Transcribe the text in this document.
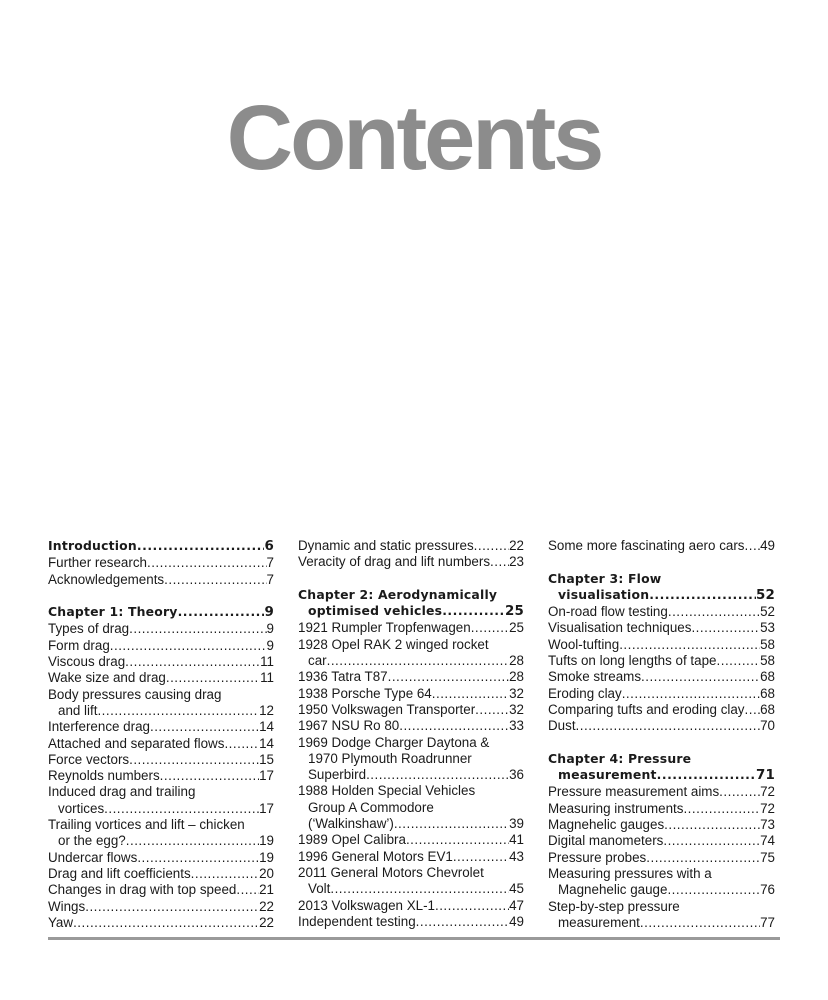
Contents
Introduction .....	6
Further research .....	7
Acknowledgements .....	7
Chapter 1: Theory .....	9
Types of drag .....	9
Form drag .....	9
Viscous drag .....	11
Wake size and drag .....	11
Body pressures causing drag
and lift .....	12
Interference drag .....	14
Attached and separated flows .....	14
Force vectors .....	15
Reynolds numbers .....	17
Induced drag and trailing
vortices .....	17
Trailing vortices and lift – chicken
or the egg? .....	19
Undercar flows .....	19
Drag and lift coefficients .....	20
Changes in drag with top speed ..... 21
Wings .....	22
Yaw .....	22
Dynamic and static pressures .....	22
Veracity of drag and lift numbers ..... 23
Chapter 2: Aerodynamically
optimised vehicles .....	25
1921 Rumpler Tropfenwagen .....	25
1928 Opel RAK 2 winged rocket
car .....	28
1936 Tatra T87 .....	28
1938 Porsche Type 64 .....	32
1950 Volkswagen Transporter .....	32
1967 NSU Ro 80 .....	33
1969 Dodge Charger Daytona &
1970 Plymouth Roadrunner
Superbird .....	36
1988 Holden Special Vehicles
Group A Commodore
(‘Walkinshaw’) .....	39
1989 Opel Calibra .....	41
1996 General Motors EV1 .....	43
2011 General Motors Chevrolet
Volt .....	45
2013 Volkswagen XL-1 .....	47
Independent testing .....	49
Some more fascinating aero cars ..... 49
Chapter 3: Flow
visualisation .....	52
On-road flow testing .....	52
Visualisation techniques .....	53
Wool-tufting .....	58
Tufts on long lengths of tape .....	58
Smoke streams .....	68
Eroding clay .....	68
Comparing tufts and eroding clay ..... 68
Dust .....	70
Chapter 4: Pressure
measurement .....	71
Pressure measurement aims .....	72
Measuring instruments .....	72
Magnehelic gauges .....	73
Digital manometers .....	74
Pressure probes .....	75
Measuring pressures with a
Magnehelic gauge .....	76
Step-by-step pressure
measurement .....	77
